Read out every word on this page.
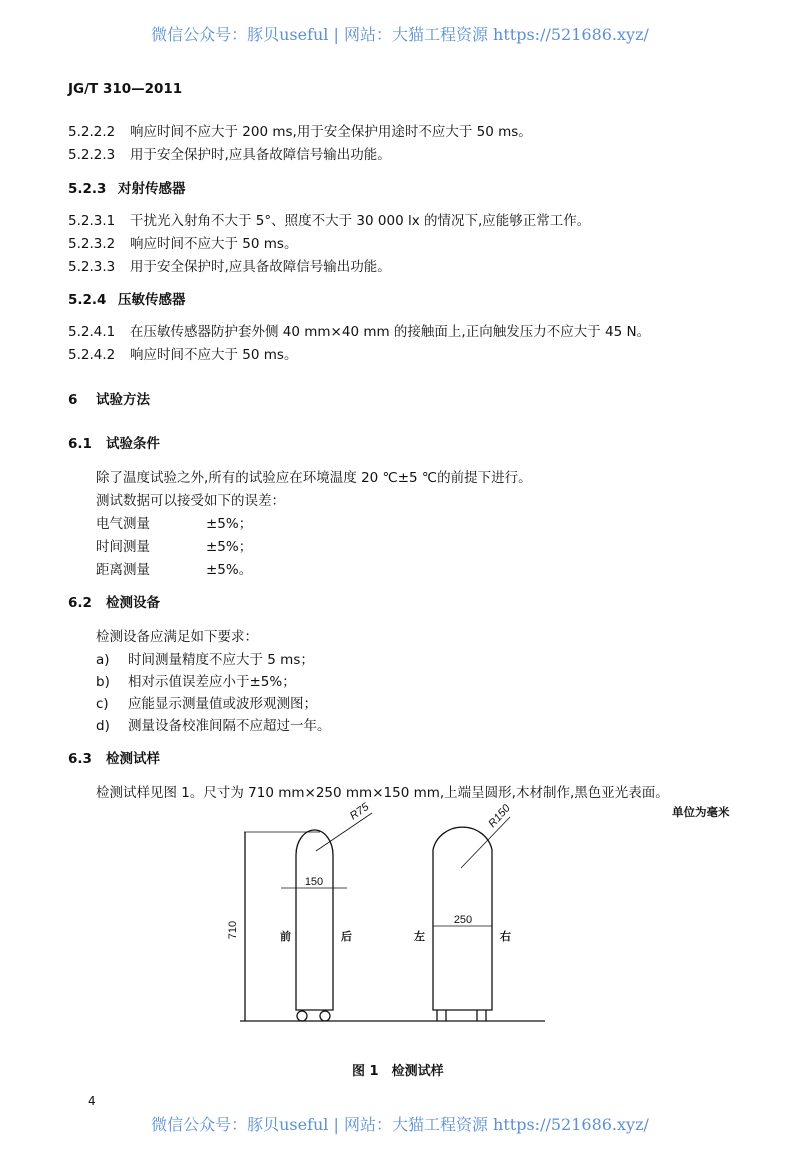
微信公众号：豚贝useful | 网站：大猫工程资源 https://521686.xyz/
JG/T 310—2011
5.2.2.2 响应时间不应大于 200 ms,用于安全保护用途时不应大于 50 ms。
5.2.2.3 用于安全保护时,应具备故障信号输出功能。
5.2.3 对射传感器
5.2.3.1 干扰光入射角不大于 5°、照度不大于 30 000 lx 的情况下,应能够正常工作。
5.2.3.2 响应时间不应大于 50 ms。
5.2.3.3 用于安全保护时,应具备故障信号输出功能。
5.2.4 压敏传感器
5.2.4.1 在压敏传感器防护套外侧 40 mm×40 mm 的接触面上,正向触发压力不应大于 45 N。
5.2.4.2 响应时间不应大于 50 ms。
6 试验方法
6.1 试验条件
除了温度试验之外,所有的试验应在环境温度 20 ℃±5 ℃的前提下进行。
测试数据可以接受如下的误差：
电气测量	±5%；
时间测量	±5%；
距离测量	±5%。
6.2 检测设备
检测设备应满足如下要求：
a) 时间测量精度不应大于 5 ms；
b) 相对示值误差应小于±5%；
c) 应能显示测量值或波形观测图；
d) 测量设备校准间隔不应超过一年。
6.3 检测试样
检测试样见图 1。尺寸为 710 mm×250 mm×150 mm,上端呈圆形,木材制作,黑色亚光表面。
单位为毫米
710
150
250
R75	R150
前	后	左	右
图 1　检测试样
4
微信公众号：豚贝useful | 网站：大猫工程资源 https://521686.xyz/
